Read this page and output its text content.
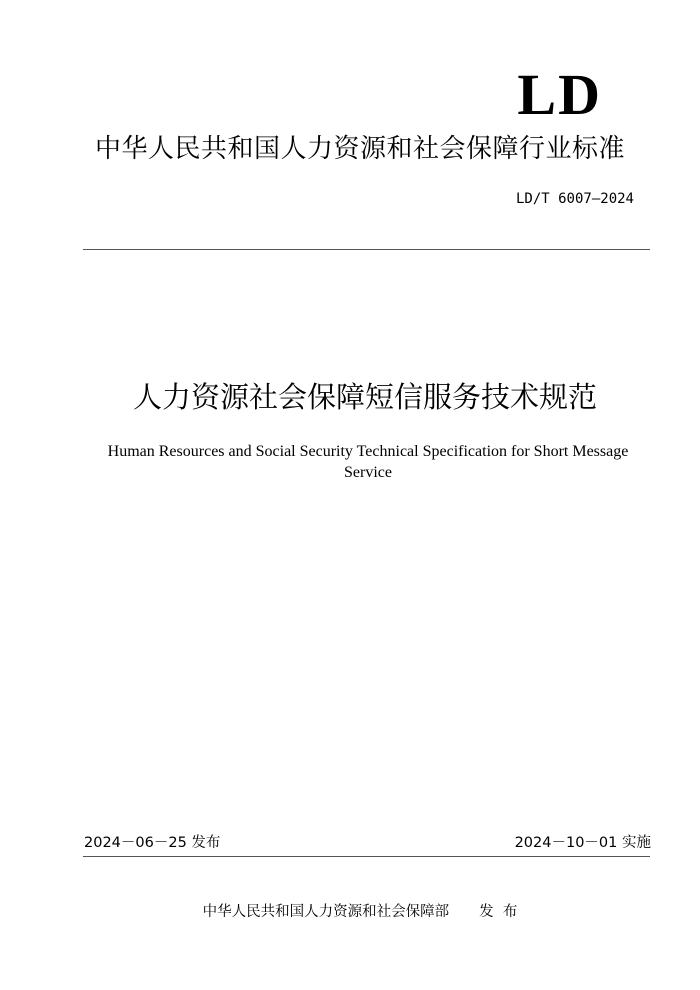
LD
中华人民共和国人力资源和社会保障行业标准
LD/T 6007—2024
人力资源社会保障短信服务技术规范
Human Resources and Social Security Technical Specification for Short Message
Service
2024－06－25 发布	2024－10－01 实施
中华人民共和国人力资源和社会保障部 发  布
